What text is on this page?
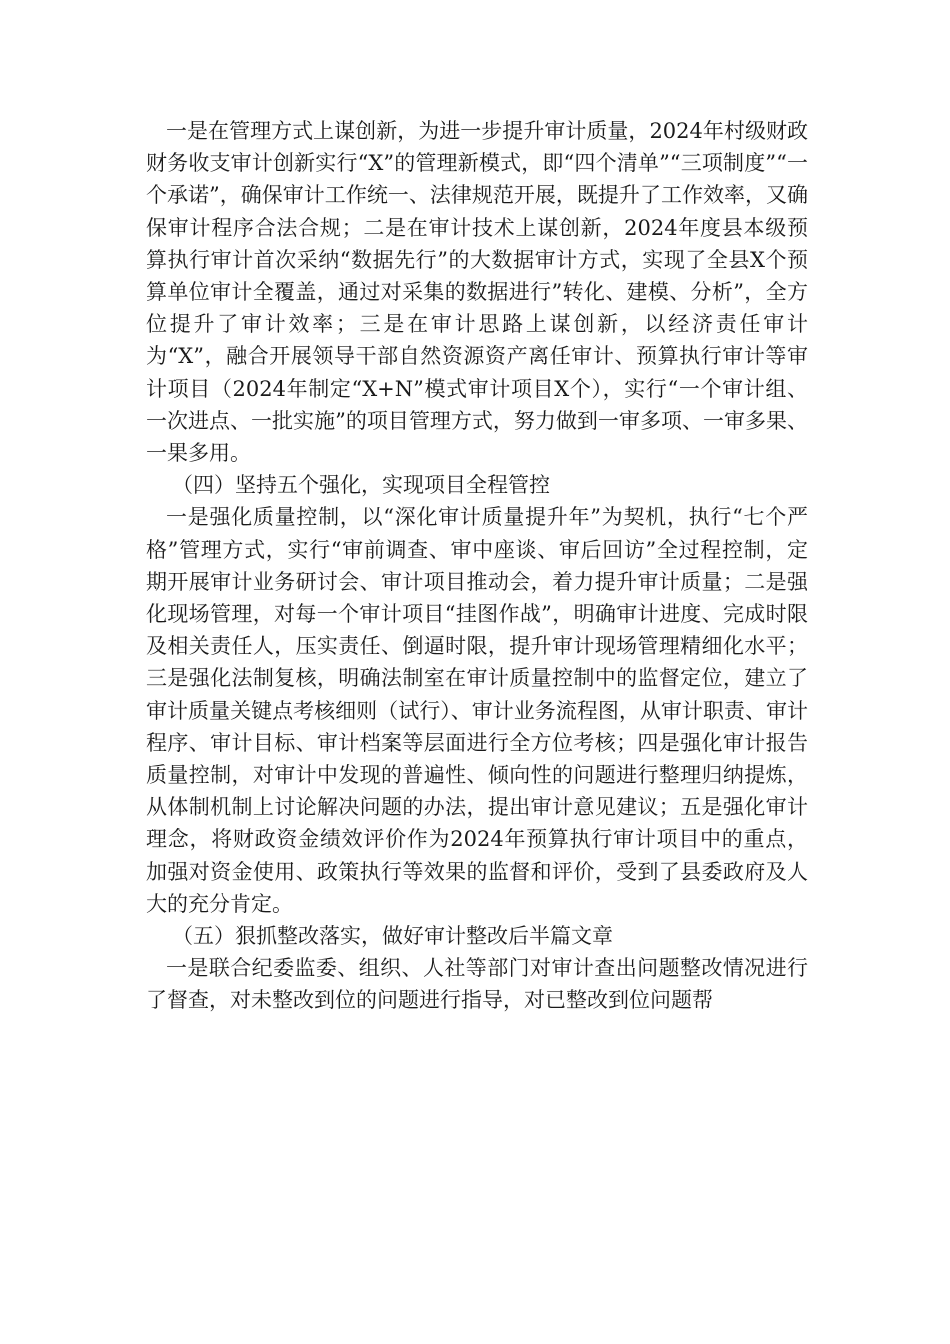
一是在管理方式上谋创新，为进一步提升审计质量，2024年村级财政财务收支审计创新实行“X”的管理新模式，即“四个清单”“三项制度”“一个承诺”，确保审计工作统一、法律规范开展，既提升了工作效率，又确保审计程序合法合规；二是在审计技术上谋创新，2024年度县本级预算执行审计首次采纳“数据先行”的大数据审计方式，实现了全县X个预算单位审计全覆盖，通过对采集的数据进行”转化、建模、分析”，全方位提升了审计效率；三是在审计思路上谋创新，以经济责任审计为“X”，融合开展领导干部自然资源资产离任审计、预算执行审计等审计项目（2024年制定“X+N”模式审计项目X个），实行“一个审计组、一次进点、一批实施”的项目管理方式，努力做到一审多项、一审多果、一果多用。

（四）坚持五个强化，实现项目全程管控

一是强化质量控制，以“深化审计质量提升年”为契机，执行“七个严格”管理方式，实行“审前调查、审中座谈、审后回访”全过程控制，定期开展审计业务研讨会、审计项目推动会，着力提升审计质量；二是强化现场管理，对每一个审计项目“挂图作战”，明确审计进度、完成时限及相关责任人，压实责任、倒逼时限，提升审计现场管理精细化水平；三是强化法制复核，明确法制室在审计质量控制中的监督定位，建立了审计质量关键点考核细则（试行）、审计业务流程图，从审计职责、审计程序、审计目标、审计档案等层面进行全方位考核；四是强化审计报告质量控制，对审计中发现的普遍性、倾向性的问题进行整理归纳提炼，从体制机制上讨论解决问题的办法，提出审计意见建议；五是强化审计理念，将财政资金绩效评价作为2024年预算执行审计项目中的重点，加强对资金使用、政策执行等效果的监督和评价，受到了县委政府及人大的充分肯定。

（五）狠抓整改落实，做好审计整改后半篇文章

一是联合纪委监委、组织、人社等部门对审计查出问题整改情况进行了督查，对未整改到位的问题进行指导，对已整改到位问题帮
